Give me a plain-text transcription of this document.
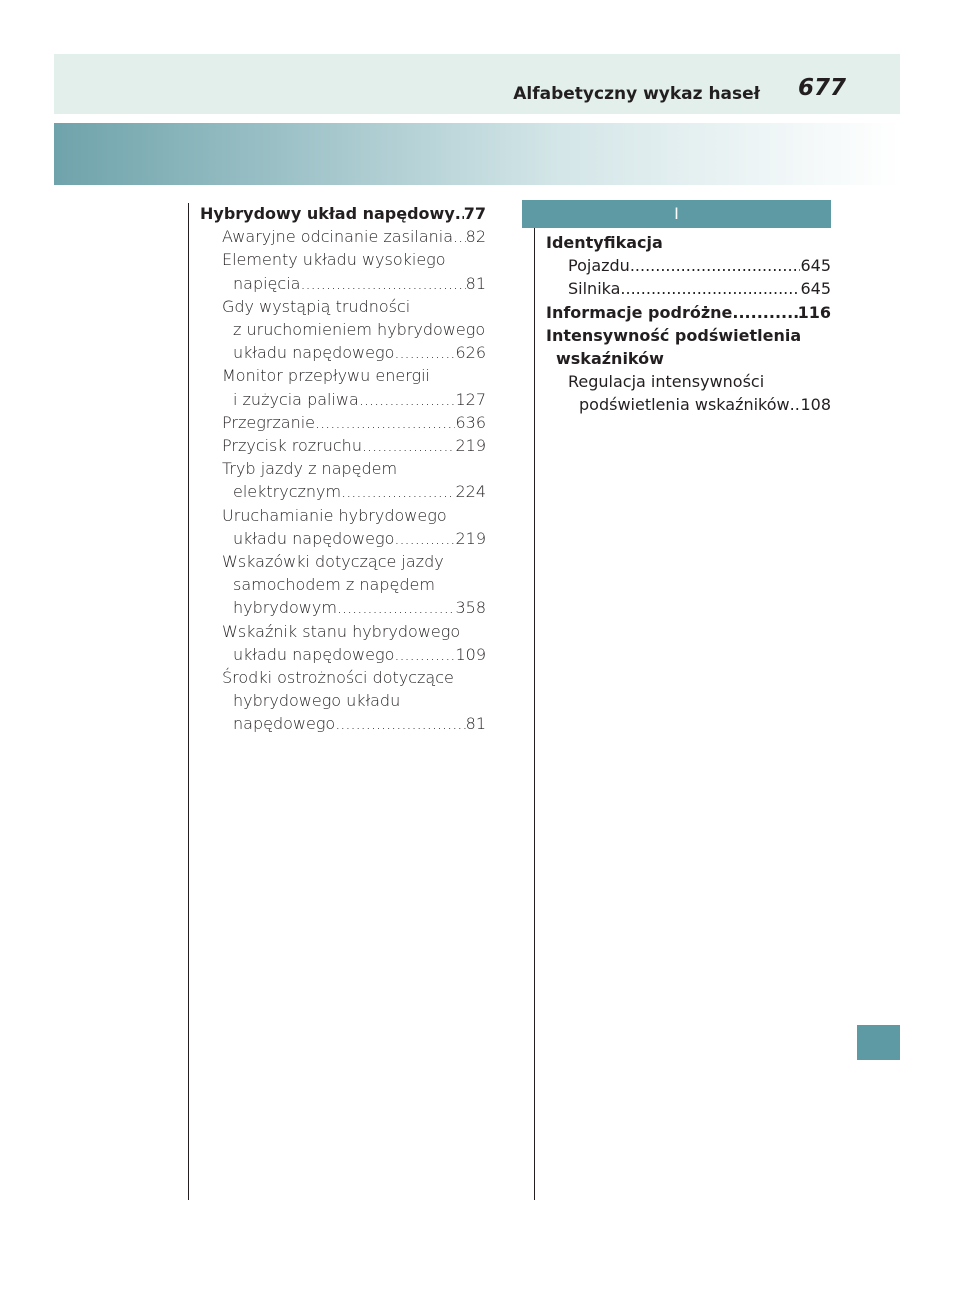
Alfabetyczny wykaz haseł 677
Hybrydowy układ napędowy ..... 77
Awaryjne odcinanie zasilania ..... 82
Elementy układu wysokiego
napięcia .....	81
Gdy wystąpią trudności
z uruchomieniem hybrydowego
układu napędowego .....	626
Monitor przepływu energii
i zużycia paliwa .....	127
Przegrzanie .....	636
Przycisk rozruchu .....	219
Tryb jazdy z napędem
elektrycznym .....	224
Uruchamianie hybrydowego
układu napędowego .....	219
Wskazówki dotyczące jazdy
samochodem z napędem
hybrydowym .....	358
Wskaźnik stanu hybrydowego
układu napędowego .....	109
Środki ostrożności dotyczące
hybrydowego układu
napędowego .....	81
I
Identyfikacja
Pojazdu .....	645
Silnika .....	645
Informacje podróżne .....	116
Intensywność podświetlenia
wskaźników
Regulacja intensywności
podświetlenia wskaźników ..... 108
